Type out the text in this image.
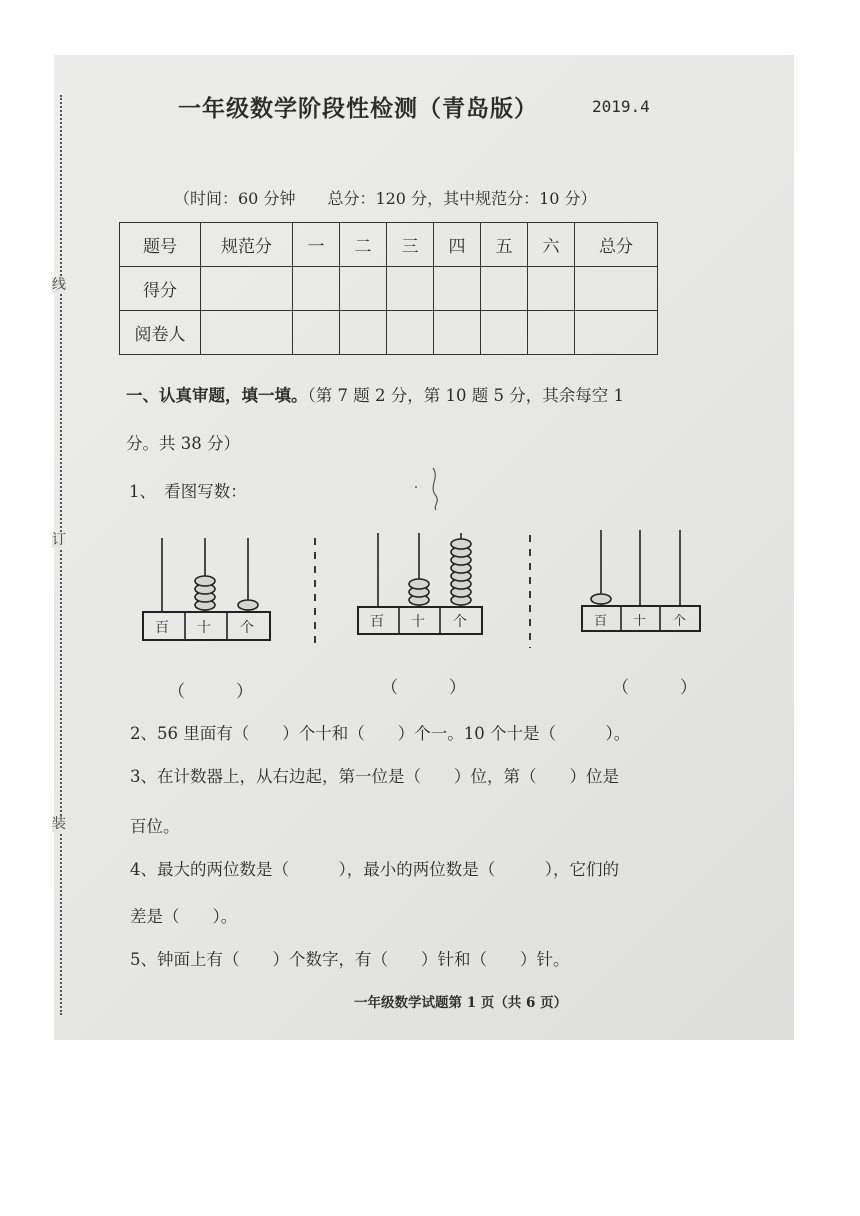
线
订
装
一年级数学阶段性检测（青岛版）	2019.4
（时间：60 分钟　　总分：120 分，其中规范分：10 分）
题号	规范分	一	二	三	四	五	六	总分
得分								
阅卷人								
一、认真审题，填一填。（第 7 题 2 分，第 10 题 5 分，其余每空 1
分。共 38 分）
1、　看图写数：
百 十 个	百 十 个	百 十 个
（　　　）	（　　　）	（　　　）
2、56 里面有（　　）个十和（　　）个一。10 个十是（　　　）。
3、在计数器上，从右边起，第一位是（　　）位，第（　　）位是
百位。
4、最大的两位数是（　　　），最小的两位数是（　　　），它们的
差是（　　）。
5、钟面上有（　　）个数字，有（　　）针和（　　）针。
一年级数学试题第 1 页（共 6 页）
